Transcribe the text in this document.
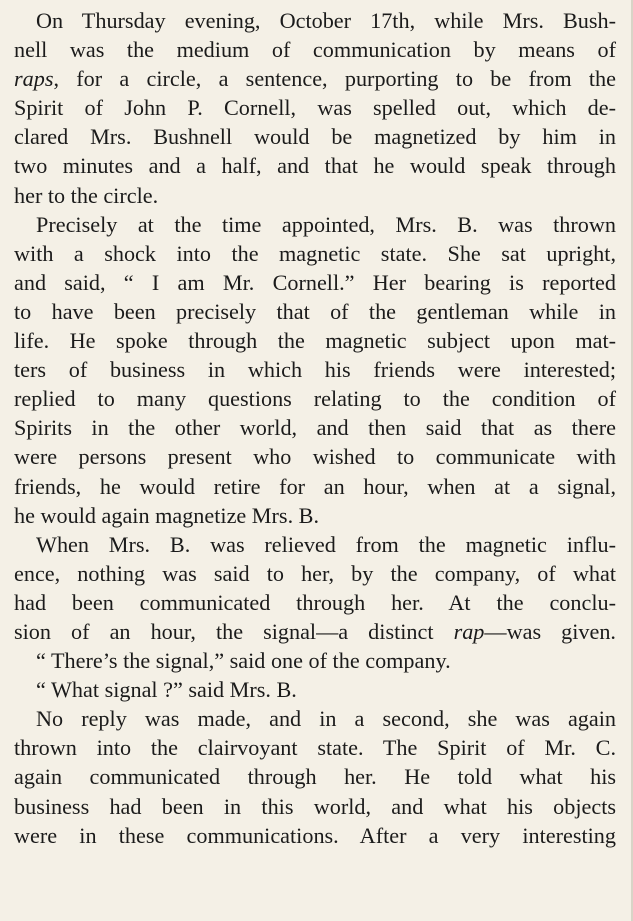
On Thursday evening, October 17th, while Mrs. Bush-
nell was the medium of communication by means of
raps, for a circle, a sentence, purporting to be from the
Spirit of John P. Cornell, was spelled out, which de-
clared Mrs. Bushnell would be magnetized by him in
two minutes and a half, and that he would speak through
her to the circle.
Precisely at the time appointed, Mrs. B. was thrown
with a shock into the magnetic state. She sat upright,
and said, “ I am Mr. Cornell.” Her bearing is reported
to have been precisely that of the gentleman while in
life. He spoke through the magnetic subject upon mat-
ters of business in which his friends were interested;
replied to many questions relating to the condition of
Spirits in the other world, and then said that as there
were persons present who wished to communicate with
friends, he would retire for an hour, when at a signal,
he would again magnetize Mrs. B.
When Mrs. B. was relieved from the magnetic influ-
ence, nothing was said to her, by the company, of what
had been communicated through her. At the conclu-
sion of an hour, the signal—a distinct rap—was given.
“ There’s the signal,” said one of the company.
“ What signal ?” said Mrs. B.
No reply was made, and in a second, she was again
thrown into the clairvoyant state. The Spirit of Mr. C.
again communicated through her. He told what his
business had been in this world, and what his objects
were in these communications. After a very interesting
